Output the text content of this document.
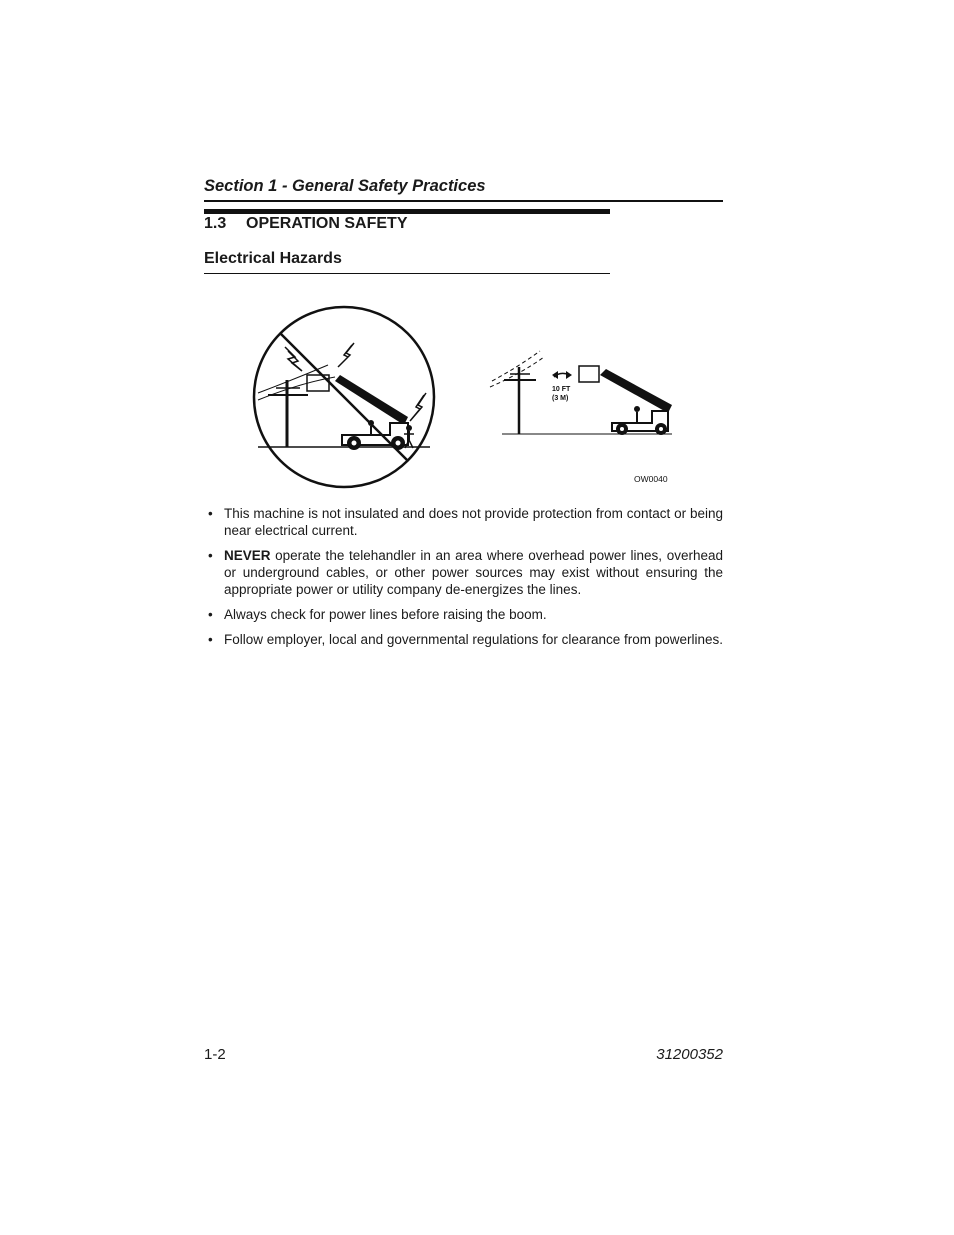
Section 1 - General Safety Practices
1.3 OPERATION SAFETY
Electrical Hazards
10 FT
(3 M)
OW0040
• This machine is not insulated and does not provide protection from contact or being near electrical current.
• NEVER operate the telehandler in an area where overhead power lines, overhead or underground cables, or other power sources may exist without ensuring the appropriate power or utility company de-energizes the lines.
• Always check for power lines before raising the boom.
• Follow employer, local and governmental regulations for clearance from powerlines.
1-2	31200352
